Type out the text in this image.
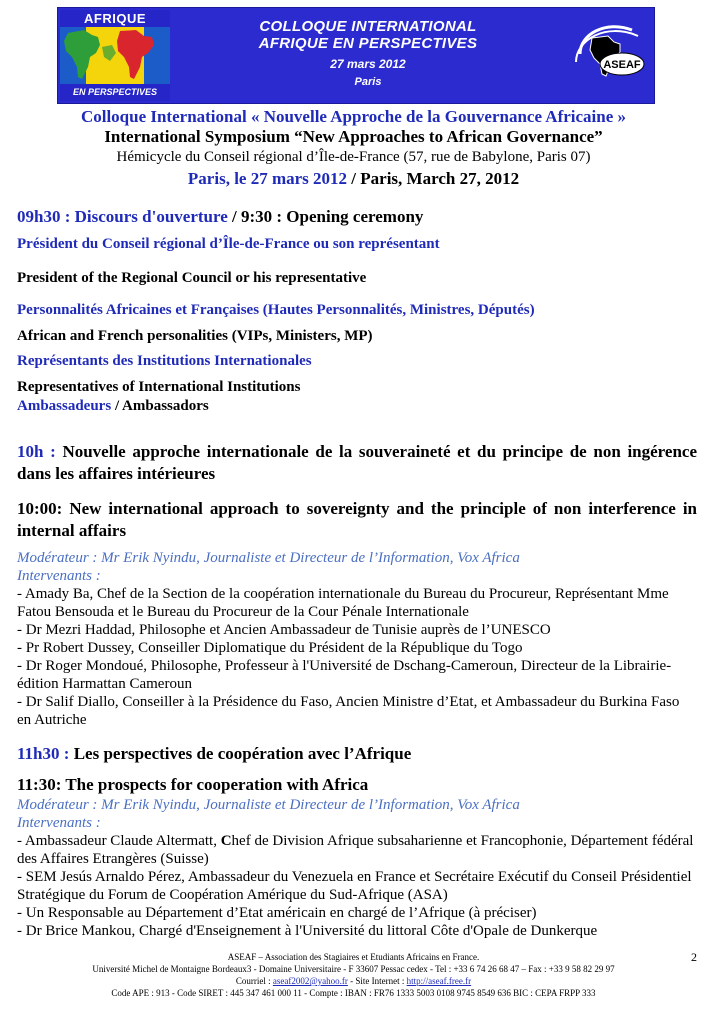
AFRIQUE
EN PERSPECTIVES
COLLOQUE INTERNATIONAL
AFRIQUE EN PERSPECTIVES
27 mars 2012
Paris
ASEAF
Colloque International « Nouvelle Approche de la Gouvernance Africaine »
International Symposium “New Approaches to African Governance”
Hémicycle du Conseil régional d’Île-de-France (57, rue de Babylone, Paris 07)
Paris, le 27 mars 2012 / Paris, March 27, 2012
09h30 : Discours d'ouverture / 9:30 : Opening ceremony
Président du Conseil régional d’Île-de-France ou son représentant
President of the Regional Council or his representative
Personnalités Africaines et Françaises (Hautes Personnalités, Ministres, Députés)
African and French personalities (VIPs, Ministers, MP)
Représentants des Institutions Internationales
Representatives of International Institutions
Ambassadeurs / Ambassadors
10h : Nouvelle approche internationale de la souveraineté et du principe de non ingérence dans les affaires intérieures
10:00: New international approach to sovereignty and the principle of non interference in internal affairs
Modérateur : Mr Erik Nyindu, Journaliste et Directeur de l’Information, Vox Africa
Intervenants :
- Amady Ba, Chef de la Section de la coopération internationale du Bureau du Procureur, Représentant Mme Fatou Bensouda et le Bureau du Procureur de la Cour Pénale Internationale
- Dr Mezri Haddad, Philosophe et Ancien Ambassadeur de Tunisie auprès de l’UNESCO
- Pr Robert Dussey, Conseiller Diplomatique du Président de la République du Togo
- Dr Roger Mondoué, Philosophe, Professeur à l'Université de Dschang-Cameroun, Directeur de la Librairie-édition Harmattan Cameroun
- Dr Salif Diallo, Conseiller à la Présidence du Faso, Ancien Ministre d’Etat, et Ambassadeur du Burkina Faso en Autriche
11h30 : Les perspectives de coopération avec l’Afrique
11:30: The prospects for cooperation with Africa
Modérateur : Mr Erik Nyindu, Journaliste et Directeur de l’Information, Vox Africa
Intervenants :
- Ambassadeur Claude Altermatt, Chef de Division Afrique subsaharienne et Francophonie, Département fédéral des Affaires Etrangères (Suisse)
- SEM Jesús Arnaldo Pérez, Ambassadeur du Venezuela en France et Secrétaire Exécutif du Conseil Présidentiel Stratégique du Forum de Coopération Amérique du Sud-Afrique (ASA)
- Un Responsable au Département d’Etat américain en chargé de l’Afrique (à préciser)
- Dr Brice Mankou, Chargé d'Enseignement à l'Université du littoral Côte d'Opale de Dunkerque
ASEAF – Association des Stagiaires et Etudiants Africains en France.
Université Michel de Montaigne Bordeaux3 - Domaine Universitaire - F 33607 Pessac cedex - Tel : +33 6 74 26 68 47 – Fax : +33 9 58 82 29 97
Courriel : aseaf2002@yahoo.fr - Site Internet : http://aseaf.free.fr
Code APE : 913 - Code SIRET : 445 347 461 000 11 - Compte : IBAN : FR76 1333 5003 0108 9745 8549 636 BIC : CEPA FRPP 333
2
